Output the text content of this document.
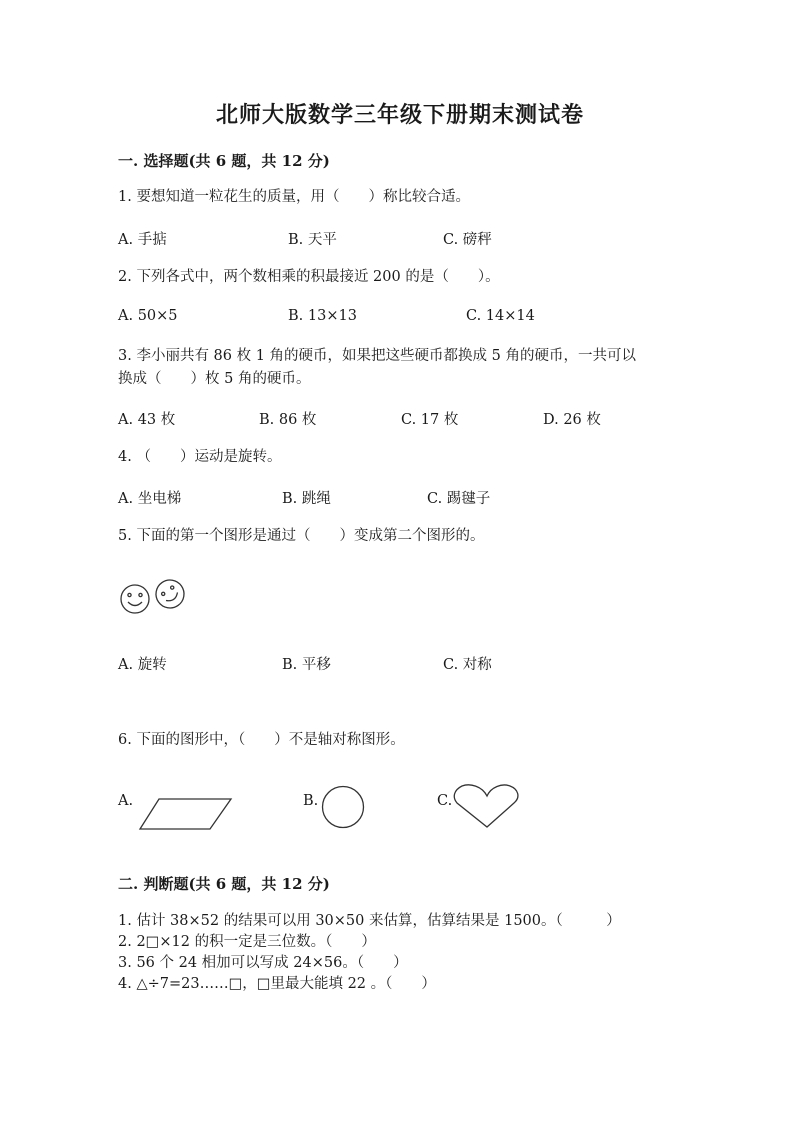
北师大版数学三年级下册期末测试卷
一. 选择题(共 6 题，共 12 分)
1. 要想知道一粒花生的质量，用（　　）称比较合适。
A. 手掂	B. 天平	C. 磅秤
2. 下列各式中，两个数相乘的积最接近 200 的是（　　）。
A. 50×5	B. 13×13	C. 14×14
3. 李小丽共有 86 枚 1 角的硬币，如果把这些硬币都换成 5 角的硬币，一共可以
换成（　　）枚 5 角的硬币。
A. 43 枚	B. 86 枚	C. 17 枚	D. 26 枚
4. （　　）运动是旋转。
A. 坐电梯	B. 跳绳	C. 踢毽子
5. 下面的第一个图形是通过（　　）变成第二个图形的。
A. 旋转	B. 平移	C. 对称
6. 下面的图形中，（　　）不是轴对称图形。
A.	B.	C.
二. 判断题(共 6 题，共 12 分)
1. 估计 38×52 的结果可以用 30×50 来估算，估算结果是 1500。（　　　）
2. 2□×12 的积一定是三位数。（　　）
3. 56 个 24 相加可以写成 24×56。（　　）
4. △÷7=23……□，□里最大能填 22 。（　　）
